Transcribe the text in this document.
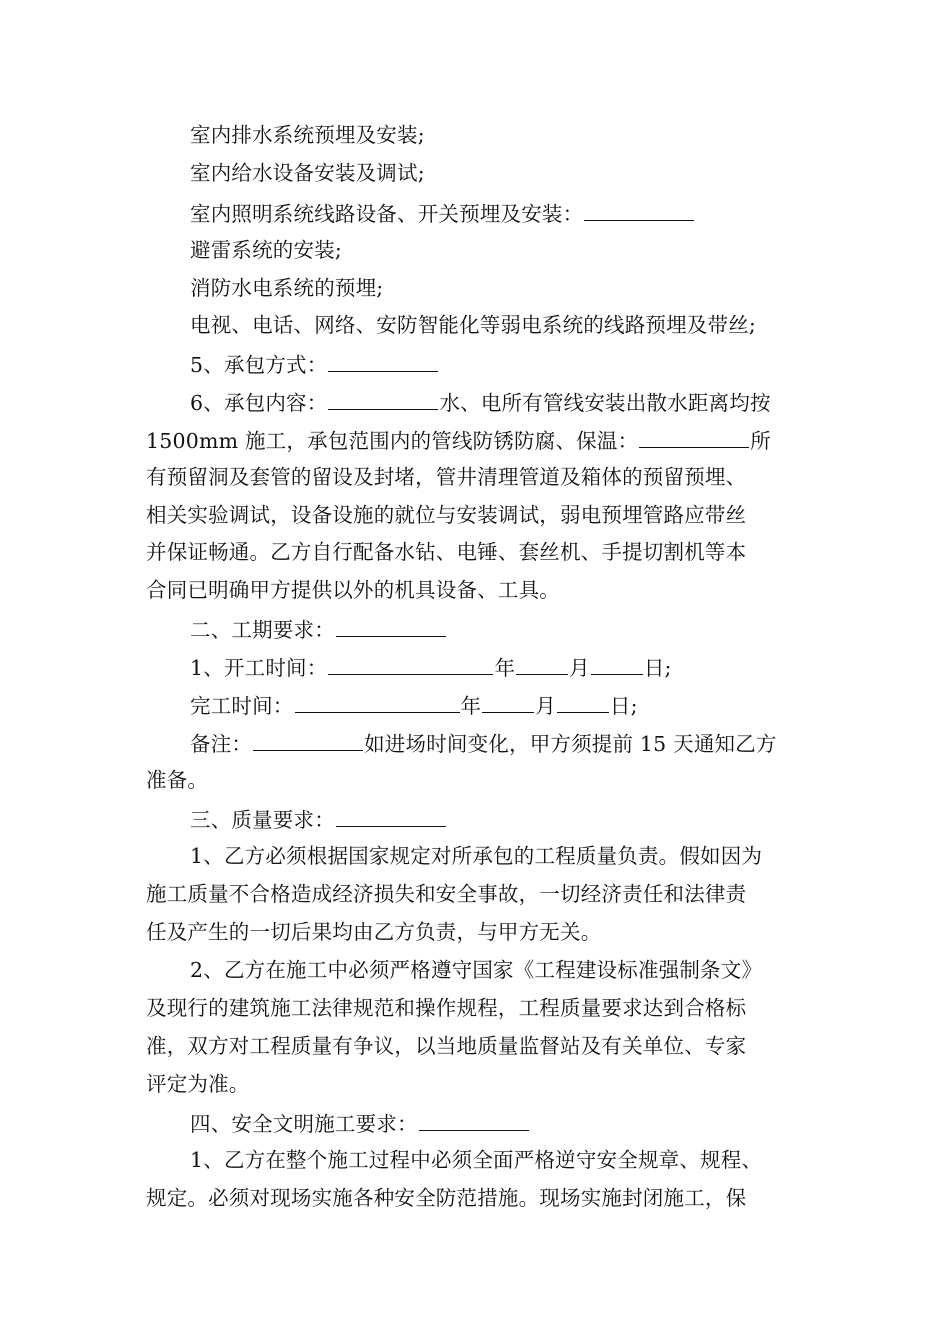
室内排水系统预埋及安装;
室内给水设备安装及调试;
室内照明系统线路设备、开关预埋及安装：
避雷系统的安装;
消防水电系统的预埋;
电视、电话、网络、安防智能化等弱电系统的线路预埋及带丝;
5、承包方式：
6、承包内容：	水、电所有管线安装出散水距离均按
1500mm 施工，承包范围内的管线防锈防腐、保温：	所
有预留洞及套管的留设及封堵，管井清理管道及箱体的预留预埋、
相关实验调试，设备设施的就位与安装调试，弱电预埋管路应带丝
并保证畅通。乙方自行配备水钻、电锤、套丝机、手提切割机等本
合同已明确甲方提供以外的机具设备、工具。
二、工期要求：
1、开工时间：	年	月	日;
完工时间：	年	月	日;
备注：	如进场时间变化，甲方须提前 15 天通知乙方
准备。
三、质量要求：
1、乙方必须根据国家规定对所承包的工程质量负责。假如因为
施工质量不合格造成经济损失和安全事故，一切经济责任和法律责
任及产生的一切后果均由乙方负责，与甲方无关。
2、乙方在施工中必须严格遵守国家《工程建设标准强制条文》
及现行的建筑施工法律规范和操作规程，工程质量要求达到合格标
准，双方对工程质量有争议，以当地质量监督站及有关单位、专家
评定为准。
四、安全文明施工要求：
1、乙方在整个施工过程中必须全面严格逆守安全规章、规程、
规定。必须对现场实施各种安全防范措施。现场实施封闭施工，保
